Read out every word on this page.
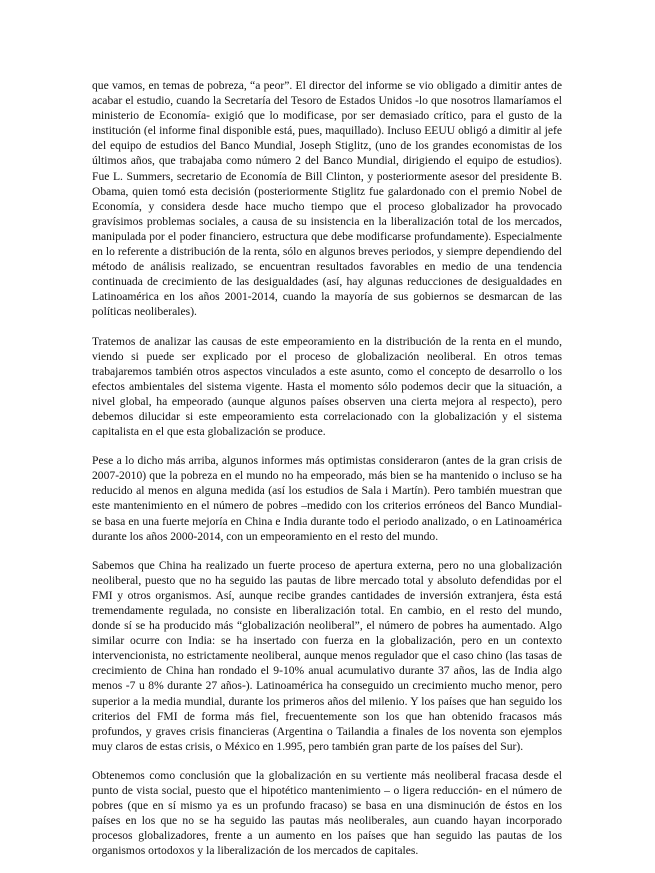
que vamos, en temas de pobreza, “a peor”. El director del informe se vio obligado a dimitir antes de acabar el estudio, cuando la Secretaría del Tesoro de Estados Unidos -lo que nosotros llamaríamos el ministerio de Economía- exigió que lo modificase, por ser demasiado crítico, para el gusto de la institución (el informe final disponible está, pues, maquillado). Incluso EEUU obligó a dimitir al jefe del equipo de estudios del Banco Mundial, Joseph Stiglitz, (uno de los grandes economistas de los últimos años, que trabajaba como número 2 del Banco Mundial, dirigiendo el equipo de estudios). Fue L. Summers, secretario de Economía de Bill Clinton, y posteriormente asesor del presidente B. Obama, quien tomó esta decisión (posteriormente Stiglitz fue galardonado con el premio Nobel de Economía, y considera desde hace mucho tiempo que el proceso globalizador ha provocado gravísimos problemas sociales, a causa de su insistencia en la liberalización total de los mercados, manipulada por el poder financiero, estructura que debe modificarse profundamente). Especialmente en lo referente a distribución de la renta, sólo en algunos breves periodos, y siempre dependiendo del método de análisis realizado, se encuentran resultados favorables en medio de una tendencia continuada de crecimiento de las desigualdades (así, hay algunas reducciones de desigualdades en Latinoamérica en los años 2001-2014, cuando la mayoría de sus gobiernos se desmarcan de las políticas neoliberales).

Tratemos de analizar las causas de este empeoramiento en la distribución de la renta en el mundo, viendo si puede ser explicado por el proceso de globalización neoliberal. En otros temas trabajaremos también otros aspectos vinculados a este asunto, como el concepto de desarrollo o los efectos ambientales del sistema vigente. Hasta el momento sólo podemos decir que la situación, a nivel global, ha empeorado (aunque algunos países observen una cierta mejora al respecto), pero debemos dilucidar si este empeoramiento esta correlacionado con la globalización y el sistema capitalista en el que esta globalización se produce.

Pese a lo dicho más arriba, algunos informes más optimistas consideraron (antes de la gran crisis de 2007-2010) que la pobreza en el mundo no ha empeorado, más bien se ha mantenido o incluso se ha reducido al menos en alguna medida (así los estudios de Sala i Martín). Pero también muestran que este mantenimiento en el número de pobres –medido con los criterios erróneos del Banco Mundial- se basa en una fuerte mejoría en China e India durante todo el periodo analizado, o en Latinoamérica durante los años 2000-2014, con un empeoramiento en el resto del mundo.

Sabemos que China ha realizado un fuerte proceso de apertura externa, pero no una globalización neoliberal, puesto que no ha seguido las pautas de libre mercado total y absoluto defendidas por el FMI y otros organismos. Así, aunque recibe grandes cantidades de inversión extranjera, ésta está tremendamente regulada, no consiste en liberalización total. En cambio, en el resto del mundo, donde sí se ha producido más “globalización neoliberal”, el número de pobres ha aumentado. Algo similar ocurre con India: se ha insertado con fuerza en la globalización, pero en un contexto intervencionista, no estrictamente neoliberal, aunque menos regulador que el caso chino (las tasas de crecimiento de China han rondado el 9-10% anual acumulativo durante 37 años, las de India algo menos -7 u 8% durante 27 años-). Latinoamérica ha conseguido un crecimiento mucho menor, pero superior a la media mundial, durante los primeros años del milenio. Y los países que han seguido los criterios del FMI de forma más fiel, frecuentemente son los que han obtenido fracasos más profundos, y graves crisis financieras (Argentina o Tailandia a finales de los noventa son ejemplos muy claros de estas crisis, o México en 1.995, pero también gran parte de los países del Sur).

Obtenemos como conclusión que la globalización en su vertiente más neoliberal fracasa desde el punto de vista social, puesto que el hipotético mantenimiento – o ligera reducción- en el número de pobres (que en sí mismo ya es un profundo fracaso) se basa en una disminución de éstos en los países en los que no se ha seguido las pautas más neoliberales, aun cuando hayan incorporado procesos globalizadores, frente a un aumento en los países que han seguido las pautas de los organismos ortodoxos y la liberalización de los mercados de capitales.
